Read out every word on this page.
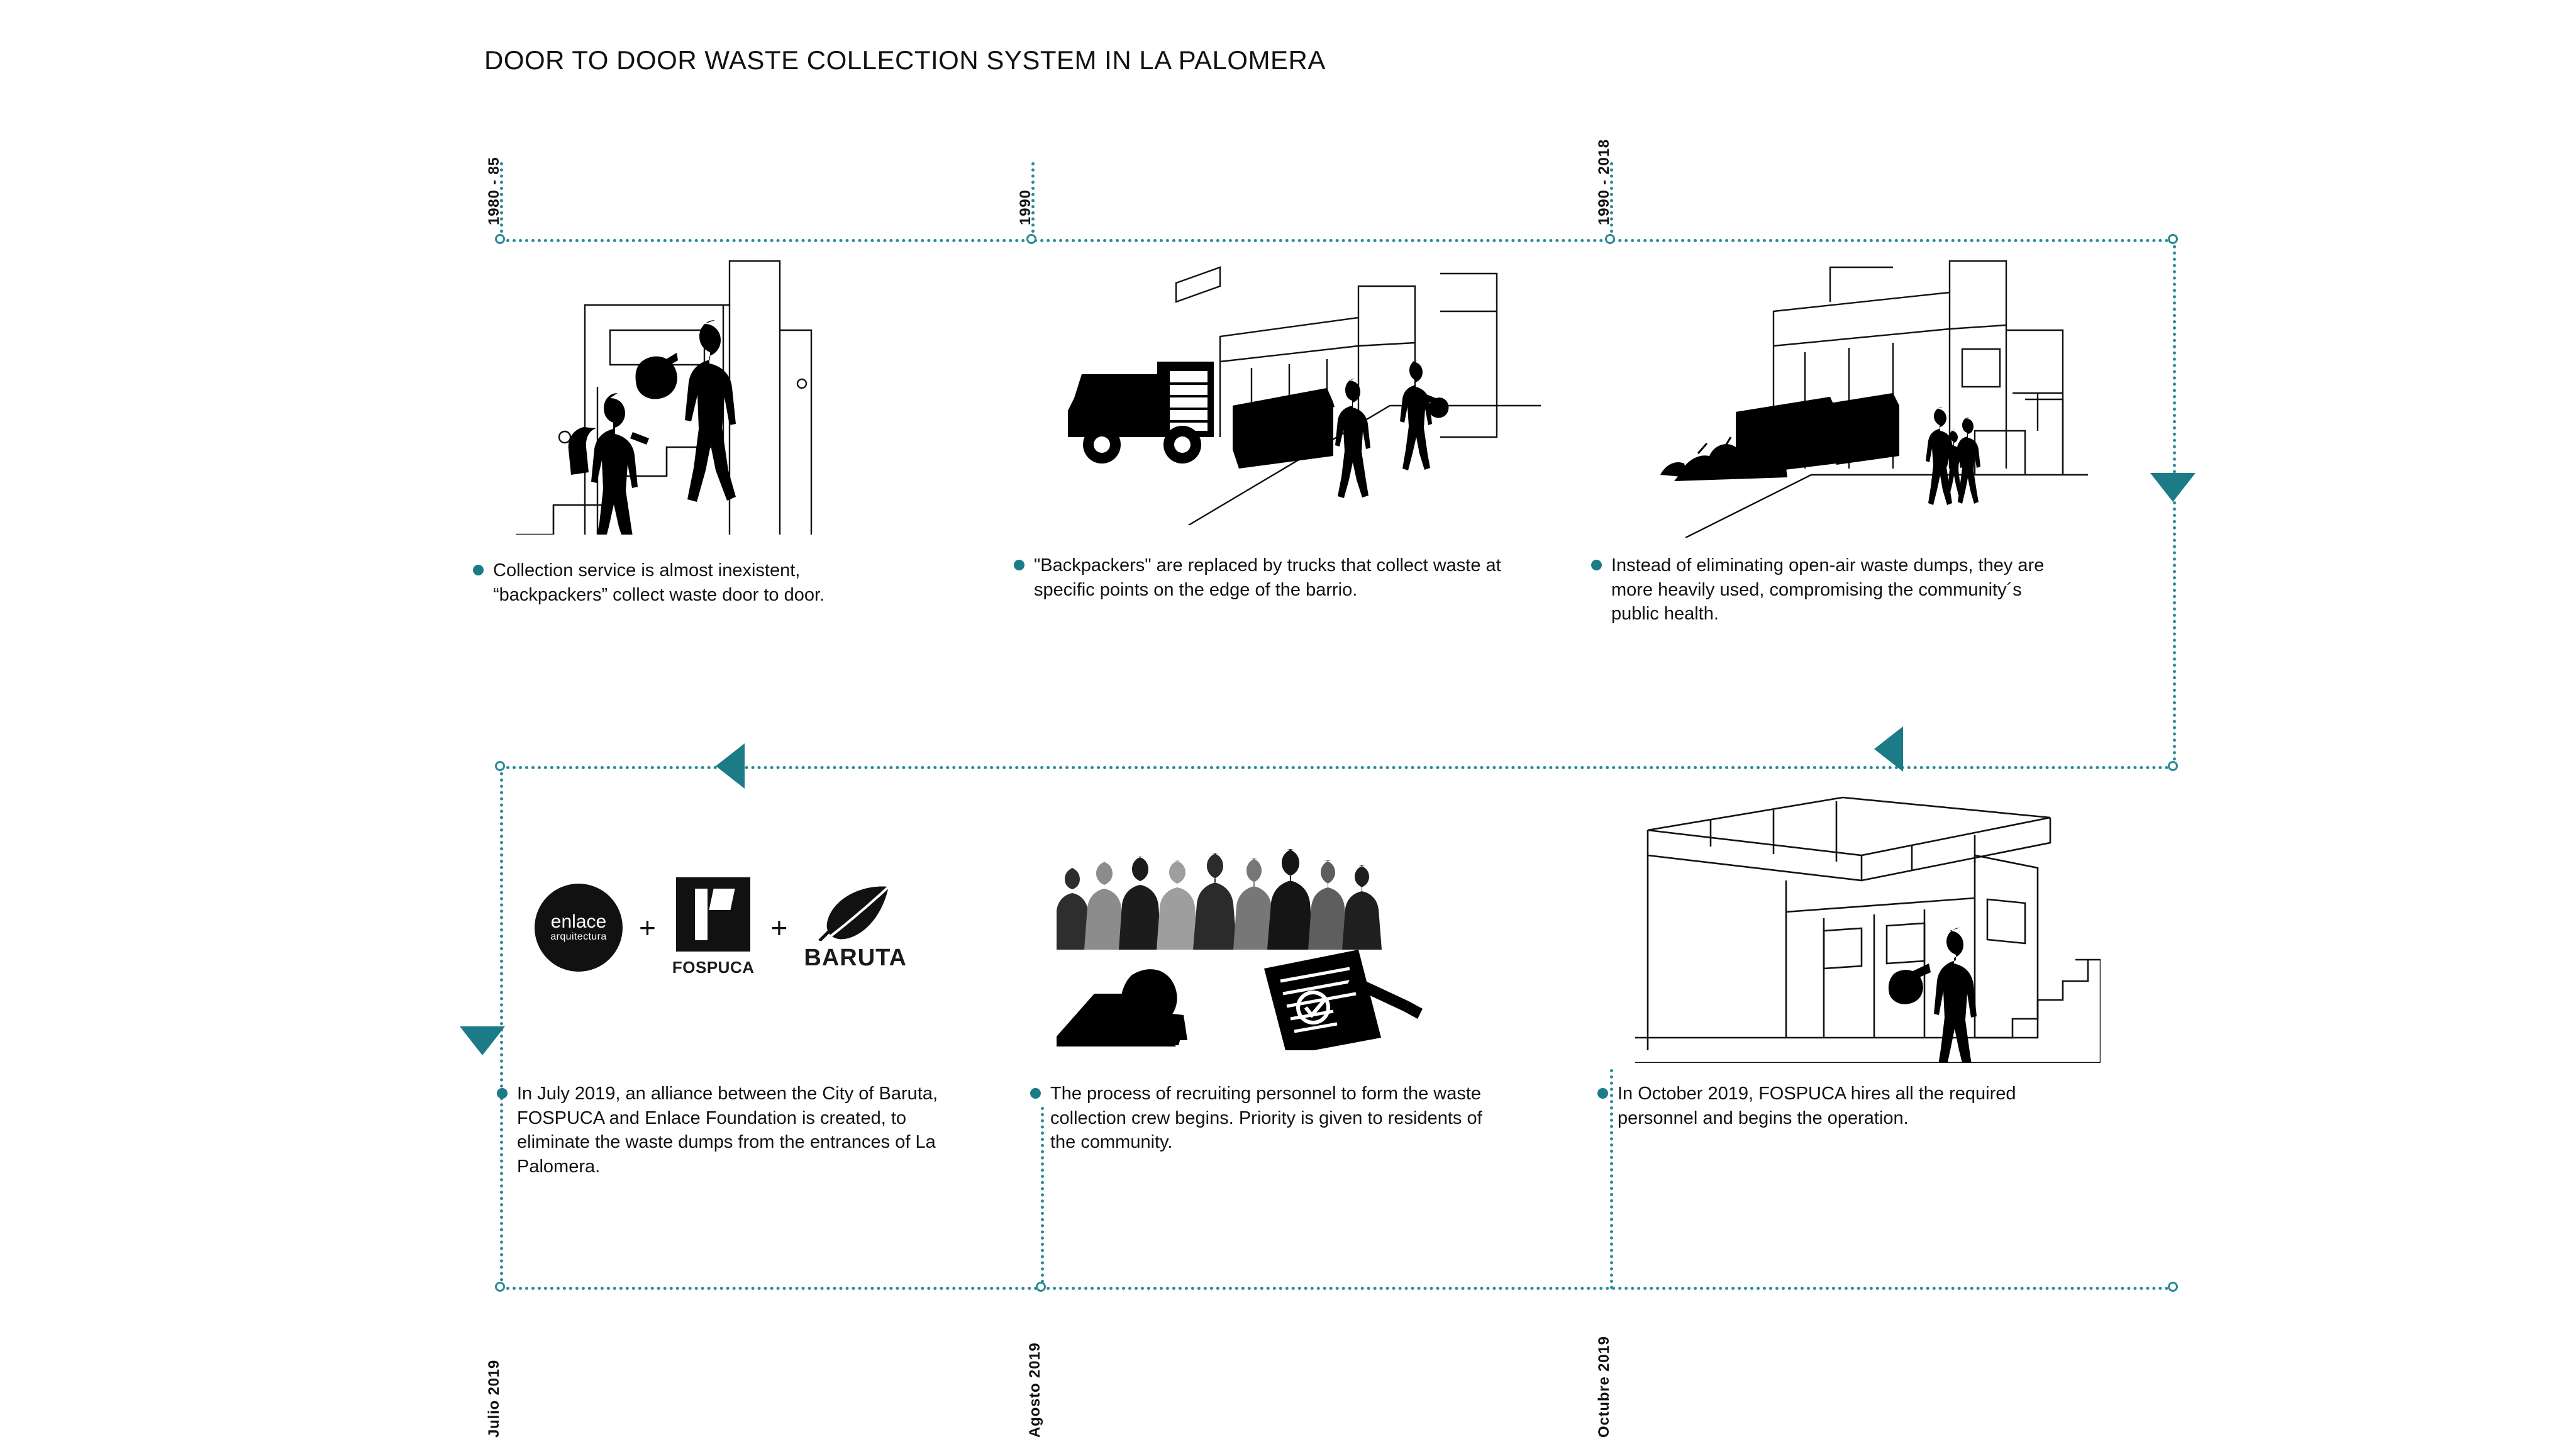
DOOR TO DOOR WASTE COLLECTION SYSTEM IN LA PALOMERA
1980 - 85	1990	1990 - 2018
Julio 2019	Agosto 2019	Octubre 2019
Collection service is almost inexistent, “backpackers” collect waste door to door.
"Backpackers" are replaced by trucks that collect waste at specific points on the edge of the barrio.
Instead of eliminating open-air waste dumps, they are more heavily used, compromising the community´s public health.
enlace
arquitectura +
FOSPUCA
+
BARUTA
In July 2019, an alliance between the City of Baruta, FOSPUCA and Enlace Foundation is created, to eliminate the waste dumps from the entrances of La Palomera.
The process of recruiting personnel to form the waste collection crew begins. Priority is given to residents of the community.
In October 2019, FOSPUCA hires all the required personnel and begins the operation.
